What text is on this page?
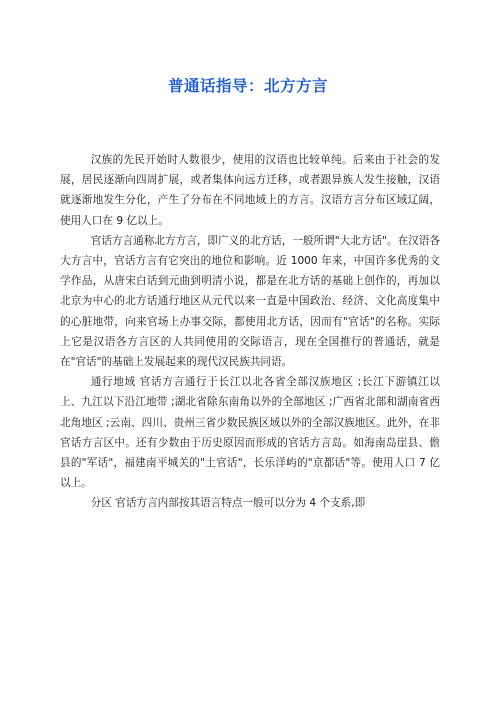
普通话指导：北方方言

汉族的先民开始时人数很少，使用的汉语也比较单纯。后来由于社会的发展，居民逐渐向四周扩展，或者集体向远方迁移，或者跟异族人发生接触，汉语就逐渐地发生分化，产生了分布在不同地域上的方言。汉语方言分布区域辽阔，使用人口在 9 亿以上。

官话方言通称北方方言，即广义的北方话，一般所谓"大北方话"。在汉语各大方言中，官话方言有它突出的地位和影响。近 1000 年来，中国许多优秀的文学作品，从唐宋白话到元曲到明清小说，都是在北方话的基础上创作的，再加以北京为中心的北方话通行地区从元代以来一直是中国政治、经济、文化高度集中的心脏地带，向来官场上办事交际，都使用北方话，因而有"官话"的名称。实际上它是汉语各方言区的人共同使用的交际语言，现在全国推行的普通话，就是在"官话"的基础上发展起来的现代汉民族共同语。

通行地域 官话方言通行于长江以北各省全部汉族地区 ;长江下游镇江以上、九江以下沿江地带 ;湖北省除东南角以外的全部地区 ;广西省北部和湖南省西北角地区 ;云南、四川、贵州三省少数民族区域以外的全部汉族地区。此外，在非官话方言区中。还有少数由于历史原因而形成的官话方言岛。如海南岛崖县、儋县的"军话"，福建南平城关的"土官话"，长乐洋屿的"京都话"等。使用人口 7 亿以上。

分区 官话方言内部按其语言特点一般可以分为 4 个支系,即
